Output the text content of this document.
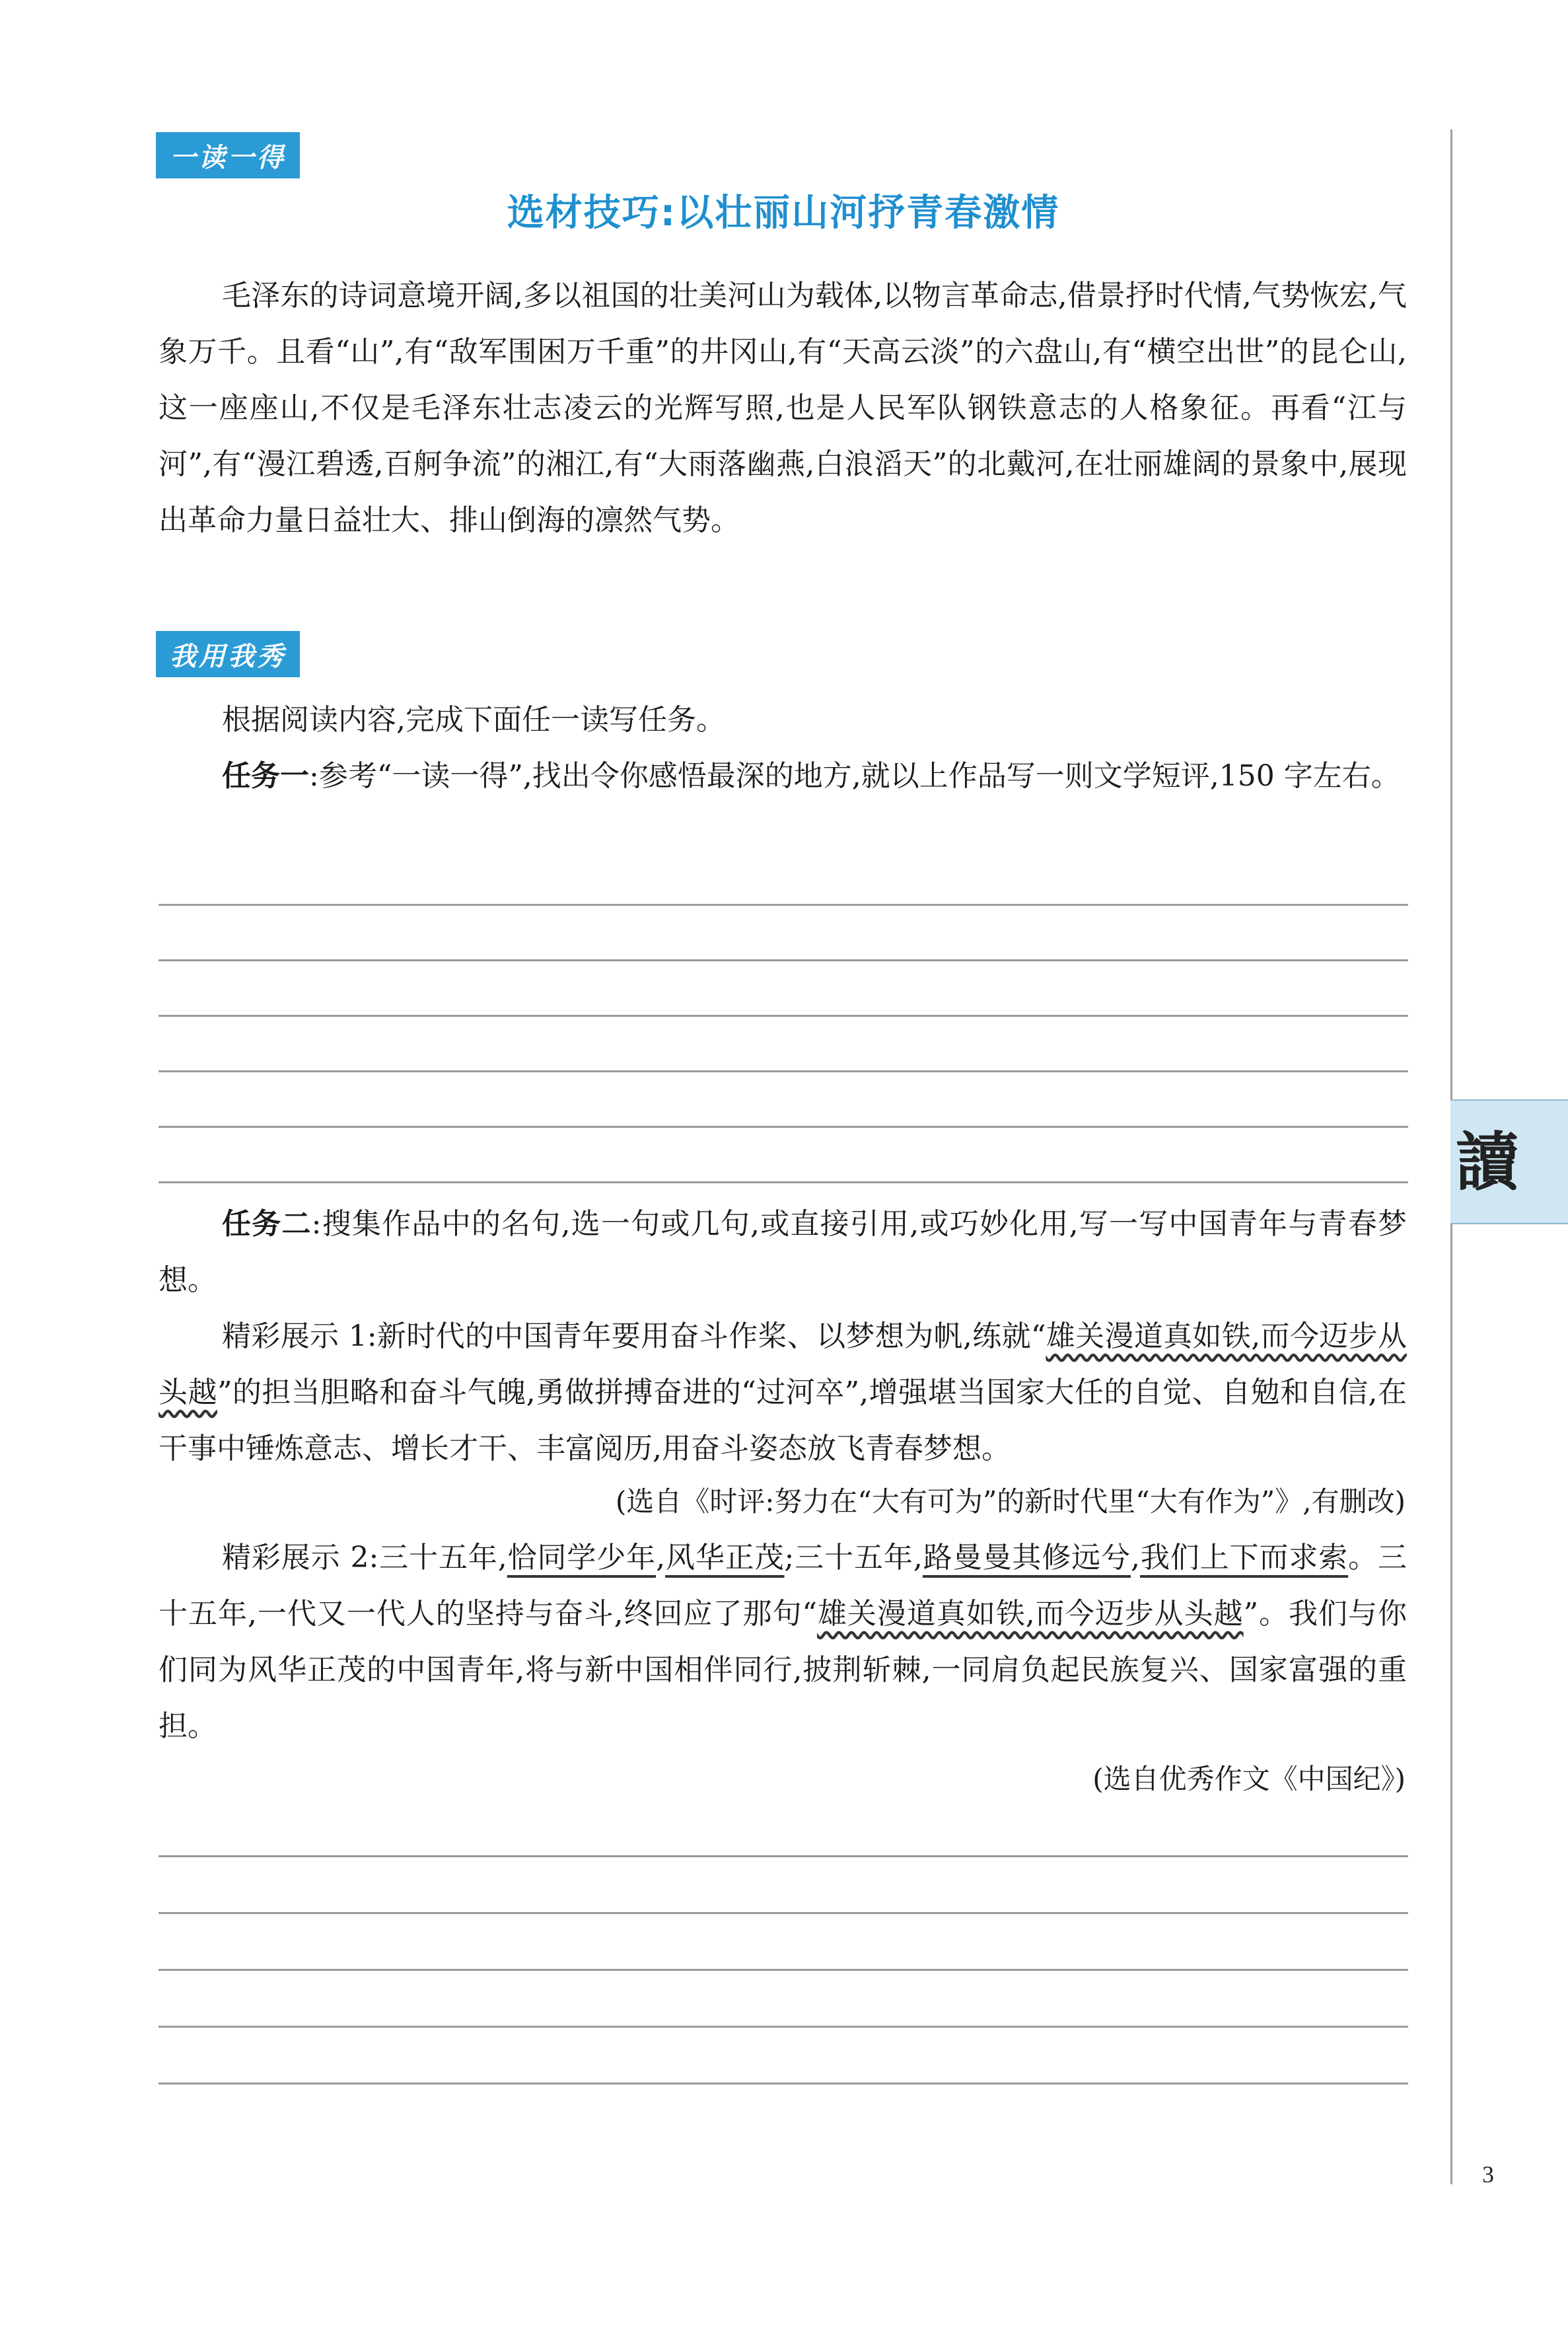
讀
一读一得
选材技巧:以壮丽山河抒青春激情

毛泽东的诗词意境开阔,多以祖国的壮美河山为载体,以物言革命志,借景抒时代情,气势恢宏,气象万千。且看“山”,有“敌军围困万千重”的井冈山,有“天高云淡”的六盘山,有“横空出世”的昆仑山,这一座座山,不仅是毛泽东壮志凌云的光辉写照,也是人民军队钢铁意志的人格象征。再看“江与河”,有“漫江碧透,百舸争流”的湘江,有“大雨落幽燕,白浪滔天”的北戴河,在壮丽雄阔的景象中,展现出革命力量日益壮大、排山倒海的凛然气势。

我用我秀

根据阅读内容,完成下面任一读写任务。

任务一:参考“一读一得”,找出令你感悟最深的地方,就以上作品写一则文学短评,150 字左右。

任务二:搜集作品中的名句,选一句或几句,或直接引用,或巧妙化用,写一写中国青年与青春梦想。

精彩展示 1:新时代的中国青年要用奋斗作桨、以梦想为帆,练就“雄关漫道真如铁,而今迈步从头越”的担当胆略和奋斗气魄,勇做拼搏奋进的“过河卒”,增强堪当国家大任的自觉、自勉和自信,在干事中锤炼意志、增长才干、丰富阅历,用奋斗姿态放飞青春梦想。

(选自《时评:努力在“大有可为”的新时代里“大有作为”》,有删改)

精彩展示 2:三十五年,恰同学少年,风华正茂;三十五年,路曼曼其修远兮,我们上下而求索。三十五年,一代又一代人的坚持与奋斗,终回应了那句“雄关漫道真如铁,而今迈步从头越”。我们与你们同为风华正茂的中国青年,将与新中国相伴同行,披荆斩棘,一同肩负起民族复兴、国家富强的重担。

(选自优秀作文《中国纪》)
3
